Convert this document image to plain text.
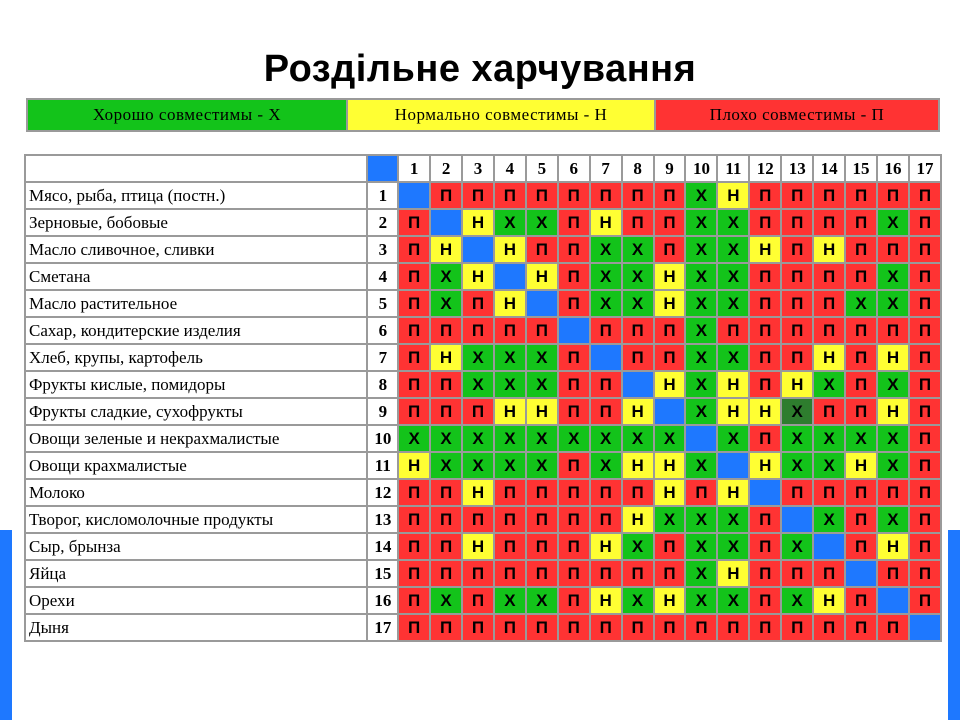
Роздільне харчування
Хорошо совместимы - Х	Нормально совместимы - Н	Плохо совместимы - П
		1	2	3	4	5	6	7	8	9	10	11	12	13	14	15	16	17
Мясо, рыба, птица (постн.)	1		П	П	П	П	П	П	П	П	Х	Н	П	П	П	П	П	П
Зерновые, бобовые	2	П		Н	Х	Х	П	Н	П	П	Х	Х	П	П	П	П	Х	П
Масло сливочное, сливки	3	П	Н		Н	П	П	Х	Х	П	Х	Х	Н	П	Н	П	П	П
Сметана	4	П	Х	Н		Н	П	Х	Х	Н	Х	Х	П	П	П	П	Х	П
Масло растительное	5	П	Х	П	Н		П	Х	Х	Н	Х	Х	П	П	П	Х	Х	П
Сахар, кондитерские изделия	6	П	П	П	П	П		П	П	П	Х	П	П	П	П	П	П	П
Хлеб, крупы, картофель	7	П	Н	Х	Х	Х	П		П	П	Х	Х	П	П	Н	П	Н	П
Фрукты кислые, помидоры	8	П	П	Х	Х	Х	П	П		Н	Х	Н	П	Н	Х	П	Х	П
Фрукты сладкие, сухофрукты	9	П	П	П	Н	Н	П	П	Н		Х	Н	Н	Х	П	П	Н	П
Овощи зеленые и некрахмалистые	10	Х	Х	Х	Х	Х	Х	Х	Х	Х		Х	П	Х	Х	Х	Х	П
Овощи крахмалистые	11	Н	Х	Х	Х	Х	П	Х	Н	Н	Х		Н	Х	Х	Н	Х	П
Молоко	12	П	П	Н	П	П	П	П	П	Н	П	Н		П	П	П	П	П
Творог, кисломолочные продукты	13	П	П	П	П	П	П	П	Н	Х	Х	Х	П		Х	П	Х	П
Сыр, брынза	14	П	П	Н	П	П	П	Н	Х	П	Х	Х	П	Х		П	Н	П
Яйца	15	П	П	П	П	П	П	П	П	П	Х	Н	П	П	П		П	П
Орехи	16	П	Х	П	Х	Х	П	Н	Х	Н	Х	Х	П	Х	Н	П		П
Дыня	17	П	П	П	П	П	П	П	П	П	П	П	П	П	П	П	П	
